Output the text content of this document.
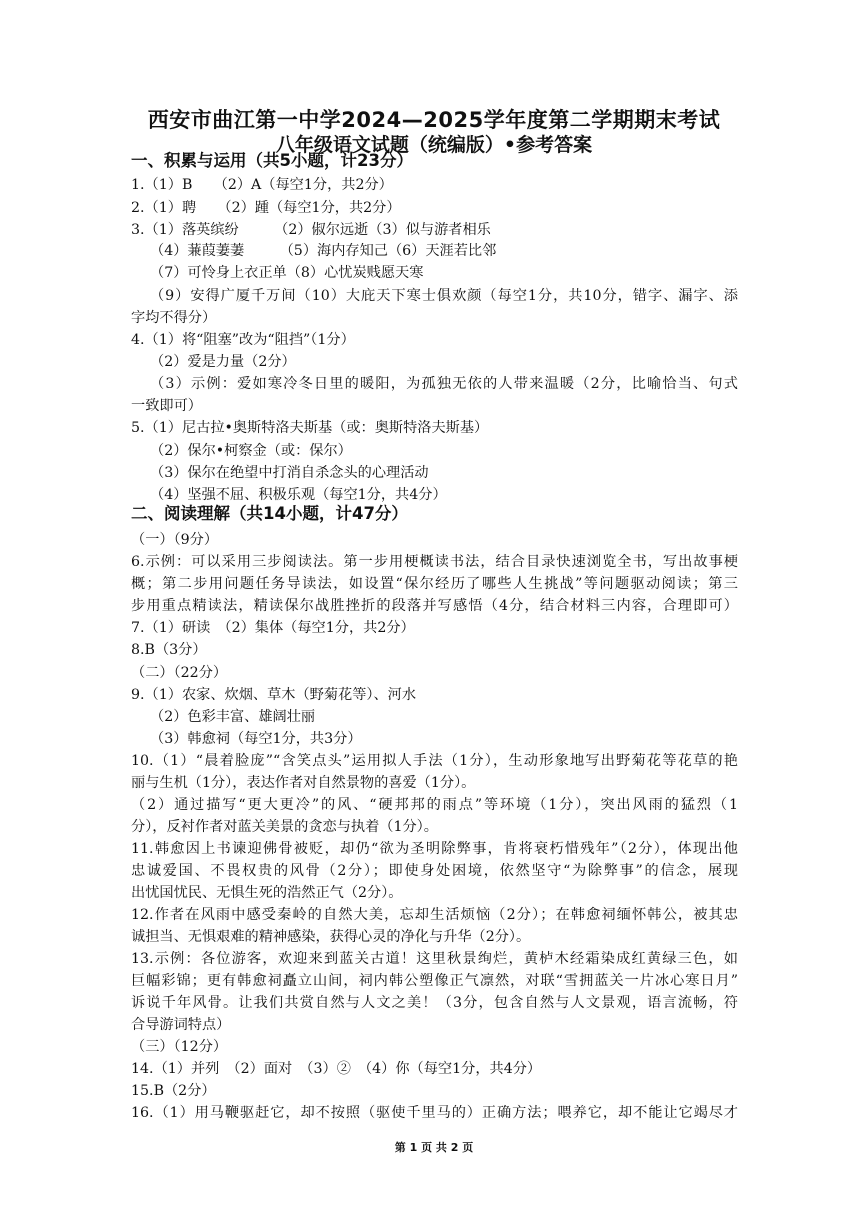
西安市曲江第一中学2024—2025学年度第二学期期末考试
八年级语文试题（统编版）•参考答案
一、积累与运用（共5小题，计23分）
1.（1）B　　（2）A（每空1分，共2分）
2.（1）聘　　（2）踵（每空1分，共2分）
3.（1）落英缤纷　　　（2）俶尔远逝（3）似与游者相乐
（4）蒹葭萋萋　　　（5）海内存知己（6）天涯若比邻
（7）可怜身上衣正单（8）心忧炭贱愿天寒
（9）安得广厦千万间（10）大庇天下寒士俱欢颜（每空1分，共10分，错字、漏字、添
字均不得分）
4.（1）将“阻塞”改为“阻挡”（1分）
（2）爱是力量（2分）
（3）示例：爱如寒冷冬日里的暖阳，为孤独无依的人带来温暖（2分，比喻恰当、句式
一致即可）
5.（1）尼古拉•奥斯特洛夫斯基（或：奥斯特洛夫斯基）
（2）保尔•柯察金（或：保尔）
（3）保尔在绝望中打消自杀念头的心理活动
（4）坚强不屈、积极乐观（每空1分，共4分）
二、阅读理解（共14小题，计47分）
（一）（9分）
6.示例：可以采用三步阅读法。第一步用梗概读书法，结合目录快速浏览全书，写出故事梗
概；第二步用问题任务导读法，如设置“保尔经历了哪些人生挑战”等问题驱动阅读；第三
步用重点精读法，精读保尔战胜挫折的段落并写感悟（4分，结合材料三内容，合理即可）
7.（1）研读　（2）集体（每空1分，共2分）
8.B（3分）
（二）（22分）
9.（1）农家、炊烟、草木（野菊花等）、河水
（2）色彩丰富、雄阔壮丽
（3）韩愈祠（每空1分，共3分）
10.（1）“晨着脸庞”“含笑点头”运用拟人手法（1分），生动形象地写出野菊花等花草的艳
丽与生机（1分），表达作者对自然景物的喜爱（1分）。
（2）通过描写“更大更冷”的风、“硬邦邦的雨点”等环境（1分），突出风雨的猛烈（1
分），反衬作者对蓝关美景的贪恋与执着（1分）。
11.韩愈因上书谏迎佛骨被贬，却仍“欲为圣明除弊事，肯将衰朽惜残年”（2分），体现出他
忠诚爱国、不畏权贵的风骨（2分）；即使身处困境，依然坚守“为除弊事”的信念，展现
出忧国忧民、无惧生死的浩然正气（2分）。
12.作者在风雨中感受秦岭的自然大美，忘却生活烦恼（2分）；在韩愈祠缅怀韩公，被其忠
诚担当、无惧艰难的精神感染，获得心灵的净化与升华（2分）。
13.示例：各位游客，欢迎来到蓝关古道！这里秋景绚烂，黄栌木经霜染成红黄绿三色，如
巨幅彩锦；更有韩愈祠矗立山间，祠内韩公塑像正气凛然，对联“雪拥蓝关一片冰心寒日月”
诉说千年风骨。让我们共赏自然与人文之美！（3分，包含自然与人文景观，语言流畅，符
合导游词特点）
（三）（12分）
14.（1）并列　（2）面对　（3）②　（4）你（每空1分，共4分）
15.B（2分）
16.（1）用马鞭驱赶它，却不按照（驱使千里马的）正确方法；喂养它，却不能让它竭尽才
第 1 页 共 2 页
